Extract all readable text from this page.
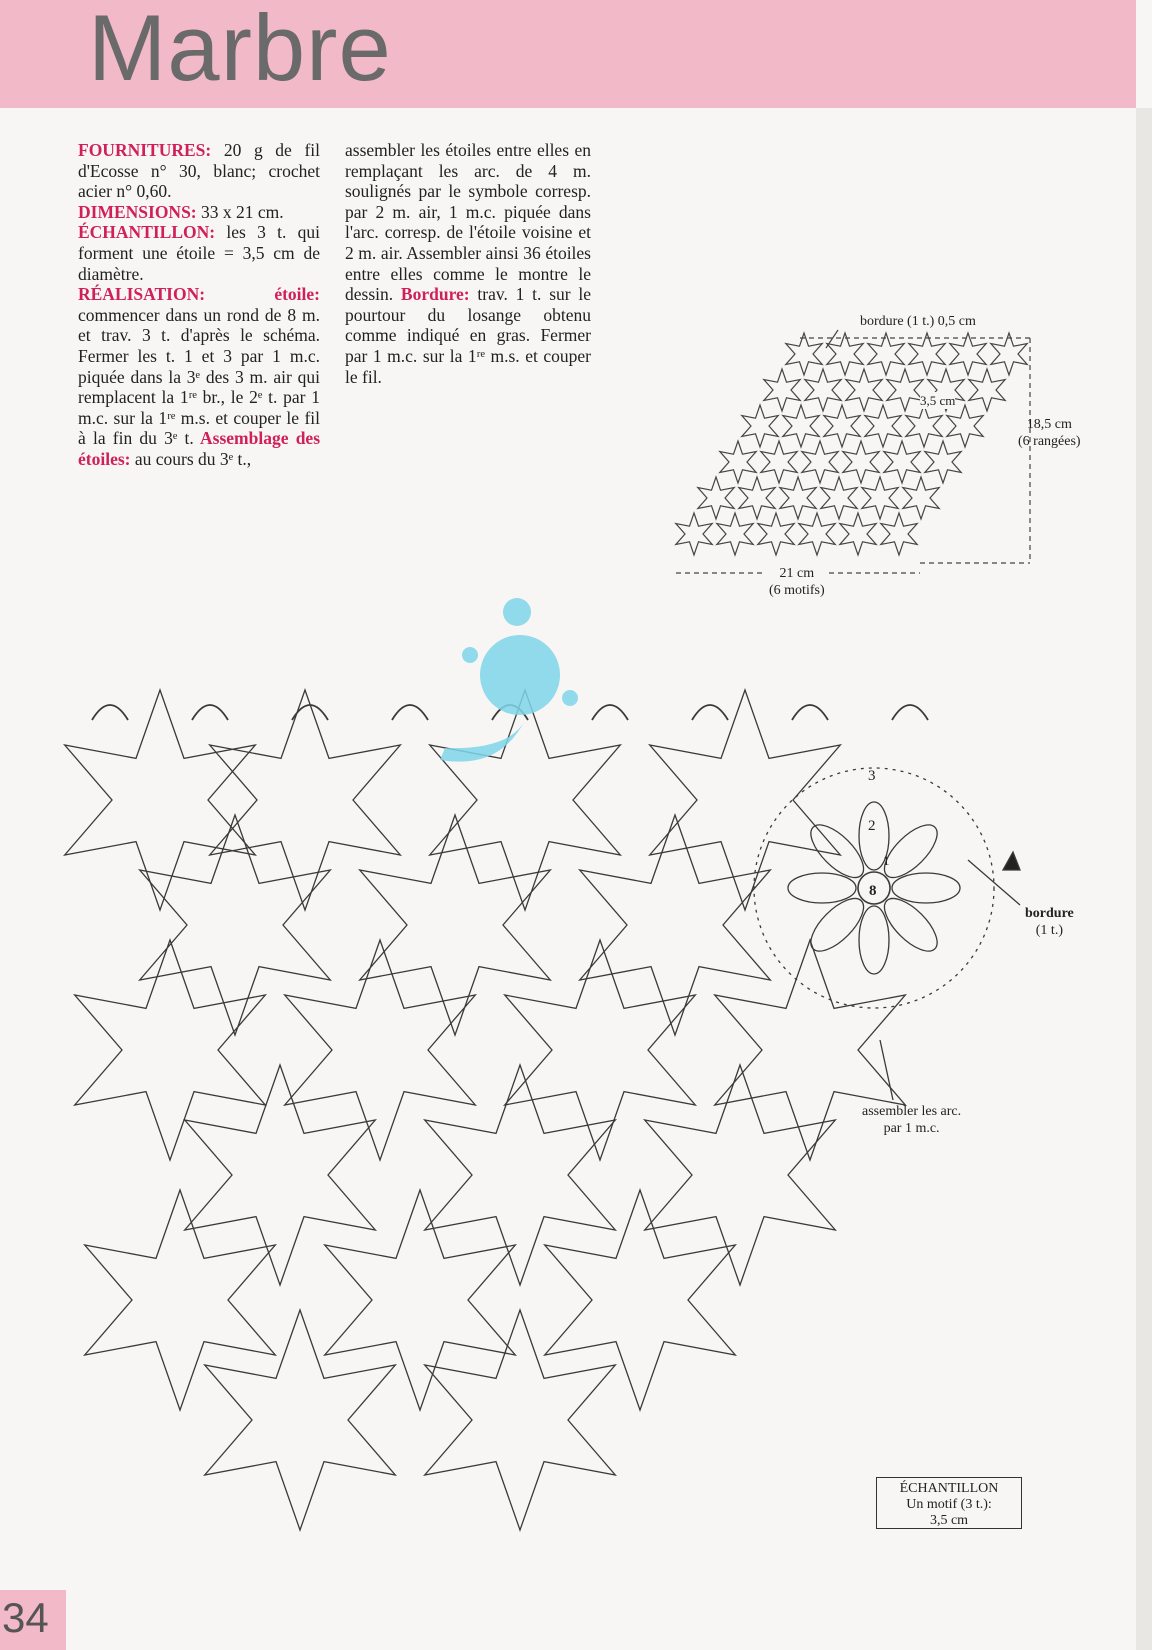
Marbre

FOURNITURES: 20 g de fil d'Ecosse n° 30, blanc; crochet acier n° 0,60.

DIMENSIONS: 33 x 21 cm.

ÉCHANTILLON: les 3 t. qui forment une étoile = 3,5 cm de diamètre.

RÉALISATION: étoile: commencer dans un rond de 8 m. et trav. 3 t. d'après le schéma. Fermer les t. 1 et 3 par 1 m.c. piquée dans la 3ᵉ des 3 m. air qui remplacent la 1ʳᵉ br., le 2ᵉ t. par 1 m.c. sur la 1ʳᵉ m.s. et couper le fil à la fin du 3ᵉ t. Assemblage des étoiles: au cours du 3ᵉ t.,

assembler les étoiles entre elles en remplaçant les arc. de 4 m. soulignés par le symbole corresp. par 2 m. air, 1 m.c. piquée dans l'arc. corresp. de l'étoile voisine et 2 m. air. Assembler ainsi 36 étoiles entre elles comme le montre le dessin. Bordure: trav. 1 t. sur le pourtour du losange obtenu comme indiqué en gras. Fermer par 1 m.c. sur la 1ʳᵉ m.s. et couper le fil.

bordure (1 t.) 0,5 cm
3,5 cm
18,5 cm
(6 rangées)
21 cm
(6 motifs)
bordure
(1 t.)
assembler les arc.
par 1 m.c.
3
2
1
8
ÉCHANTILLON
Un motif (3 t.):
3,5 cm
34
